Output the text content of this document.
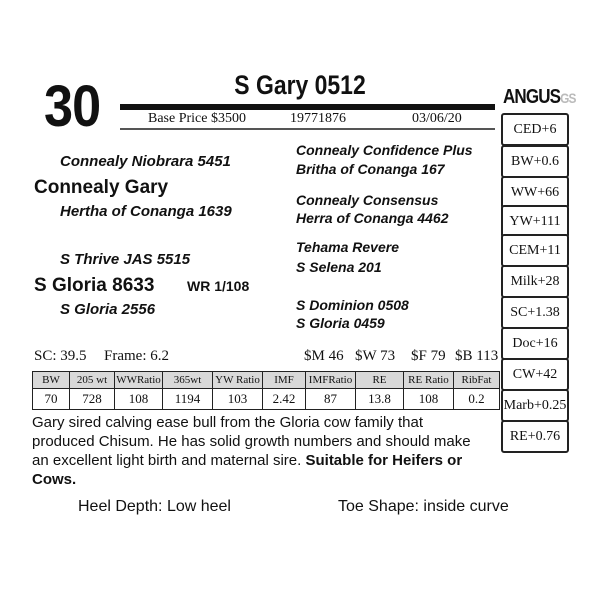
30	S Gary 0512
Base Price $3500	19771876	03/06/20
ANGUSGS
Connealy Niobrara 5451
Connealy Gary
Hertha of Conanga 1639
S Thrive JAS 5515
S Gloria 8633 WR 1/108
S Gloria 2556
Connealy Confidence Plus
Britha of Conanga 167
Connealy Consensus
Herra of Conanga 4462
Tehama Revere
S Selena 201
S Dominion 0508
S Gloria 0459
SC: 39.5 Frame: 6.2	$M 46 $W 73 $F 79 $B 113
BW	205 wt	WWRatio	365wt	YW Ratio	IMF	IMFRatio	RE	RE Ratio	RibFat
70	728	108	1194	103	2.42	87	13.8	108	0.2
CED+6
BW+0.6
WW+66
YW+111
CEM+11
Milk+28
SC+1.38
Doc+16
CW+42
Marb+0.25
RE+0.76
Gary sired calving ease bull from the Gloria cow family that produced Chisum. He has solid growth numbers and should make an excellent light birth and maternal sire. Suitable for Heifers or Cows.
Heel Depth: Low heel	Toe Shape: inside curve
